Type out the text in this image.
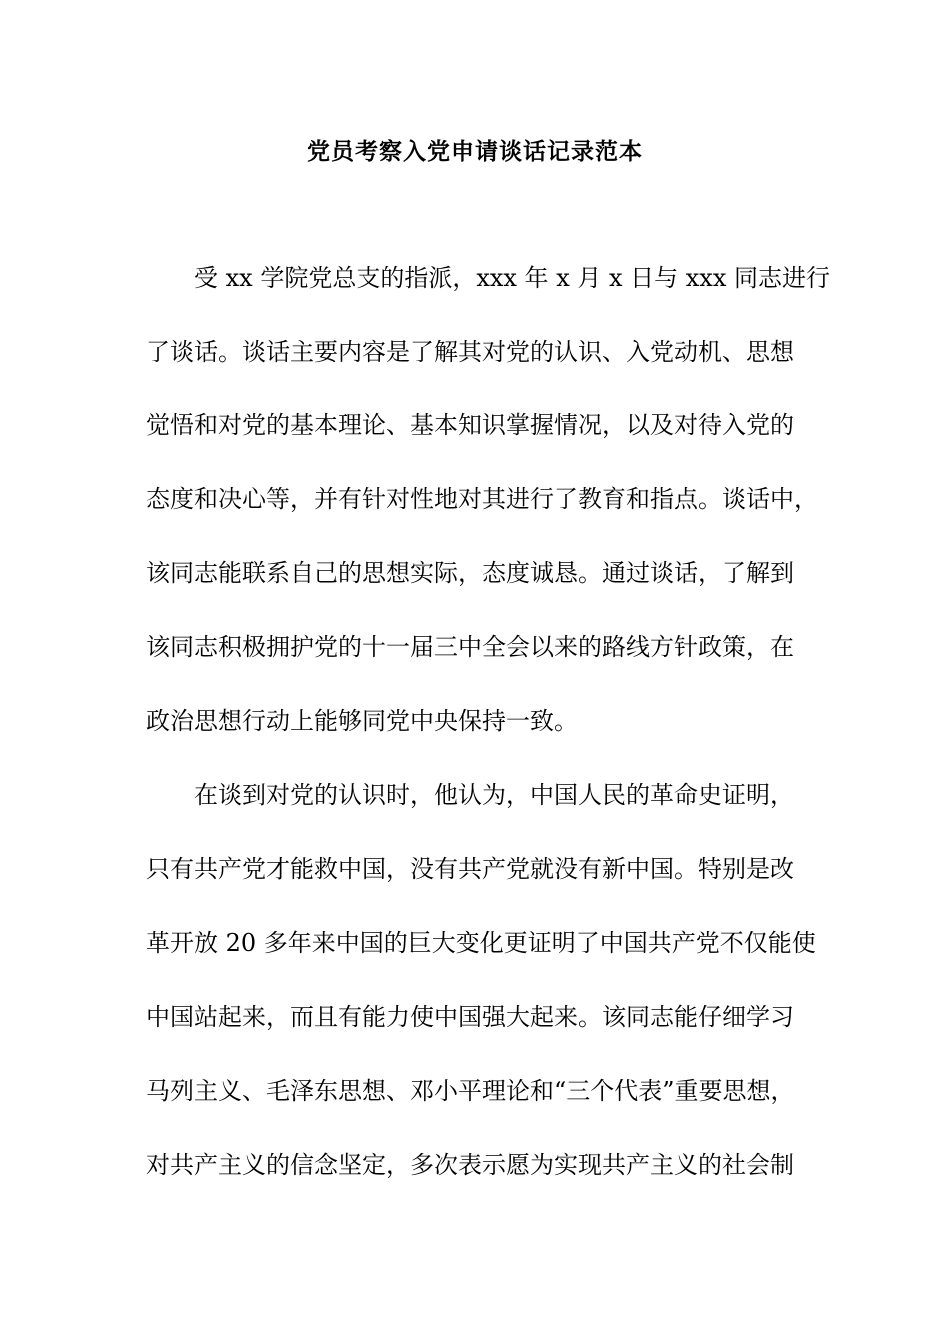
党员考察入党申请谈话记录范本
受 xx 学院党总支的指派，xxx 年 x 月 x 日与 xxx 同志进行
了谈话。谈话主要内容是了解其对党的认识、入党动机、思想
觉悟和对党的基本理论、基本知识掌握情况，以及对待入党的
态度和决心等，并有针对性地对其进行了教育和指点。谈话中，
该同志能联系自己的思想实际，态度诚恳。通过谈话，了解到
该同志积极拥护党的十一届三中全会以来的路线方针政策，在
政治思想行动上能够同党中央保持一致。
在谈到对党的认识时，他认为，中国人民的革命史证明，
只有共产党才能救中国，没有共产党就没有新中国。特别是改
革开放 20 多年来中国的巨大变化更证明了中国共产党不仅能使
中国站起来，而且有能力使中国强大起来。该同志能仔细学习
马列主义、毛泽东思想、邓小平理论和“三个代表”重要思想，
对共产主义的信念坚定，多次表示愿为实现共产主义的社会制
